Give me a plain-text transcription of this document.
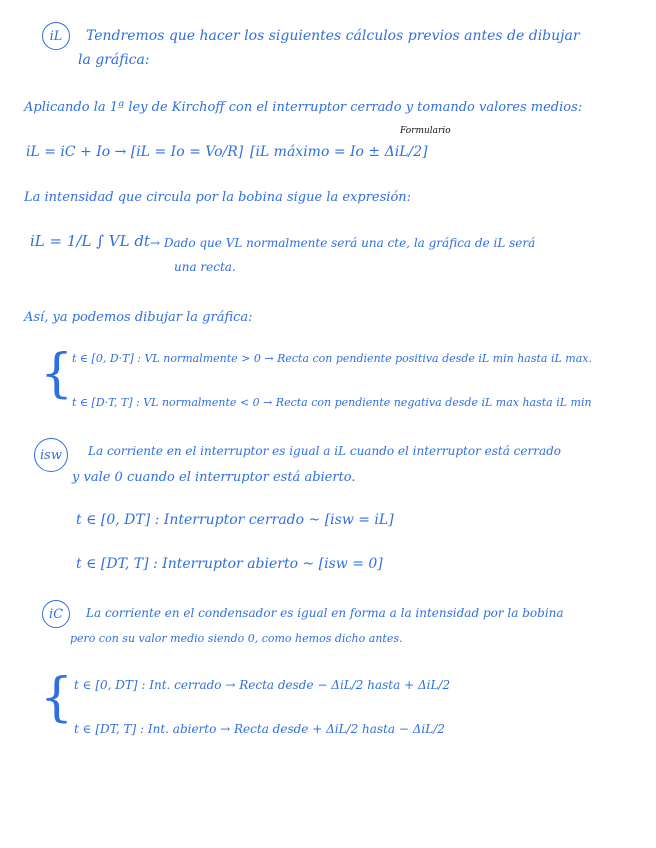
iL Tendremos que hacer los siguientes cálculos previos antes de dibujar
la gráfica:
Aplicando la 1ª ley de Kirchoff con el interruptor cerrado y tomando valores medios:
Formulario
iL = iC + Io → [iL = Io = Vo/R] [iL máximo = Io ± ΔiL/2]
La intensidad que circula por la bobina sigue la expresión:
iL = 1/L ∫ VL dt → Dado que VL normalmente será una cte, la gráfica de iL será
una recta.
Así, ya podemos dibujar la gráfica:
{
t ∈ [0, D·T] : VL normalmente > 0 → Recta con pendiente positiva desde iL min hasta iL max.
t ∈ [D·T, T] : VL normalmente < 0 → Recta con pendiente negativa desde iL max hasta iL min
isw La corriente en el interruptor es igual a iL cuando el interruptor está cerrado
y vale 0 cuando el interruptor está abierto.
t ∈ [0, DT] : Interruptor cerrado ~ [isw = iL]
t ∈ [DT, T] : Interruptor abierto ~ [isw = 0]
iC La corriente en el condensador es igual en forma a la intensidad por la bobina
pero con su valor medio siendo 0, como hemos dicho antes.
{ t ∈ [0, DT] : Int. cerrado → Recta desde − ΔiL/2 hasta + ΔiL/2
t ∈ [DT, T] : Int. abierto → Recta desde + ΔiL/2 hasta − ΔiL/2
